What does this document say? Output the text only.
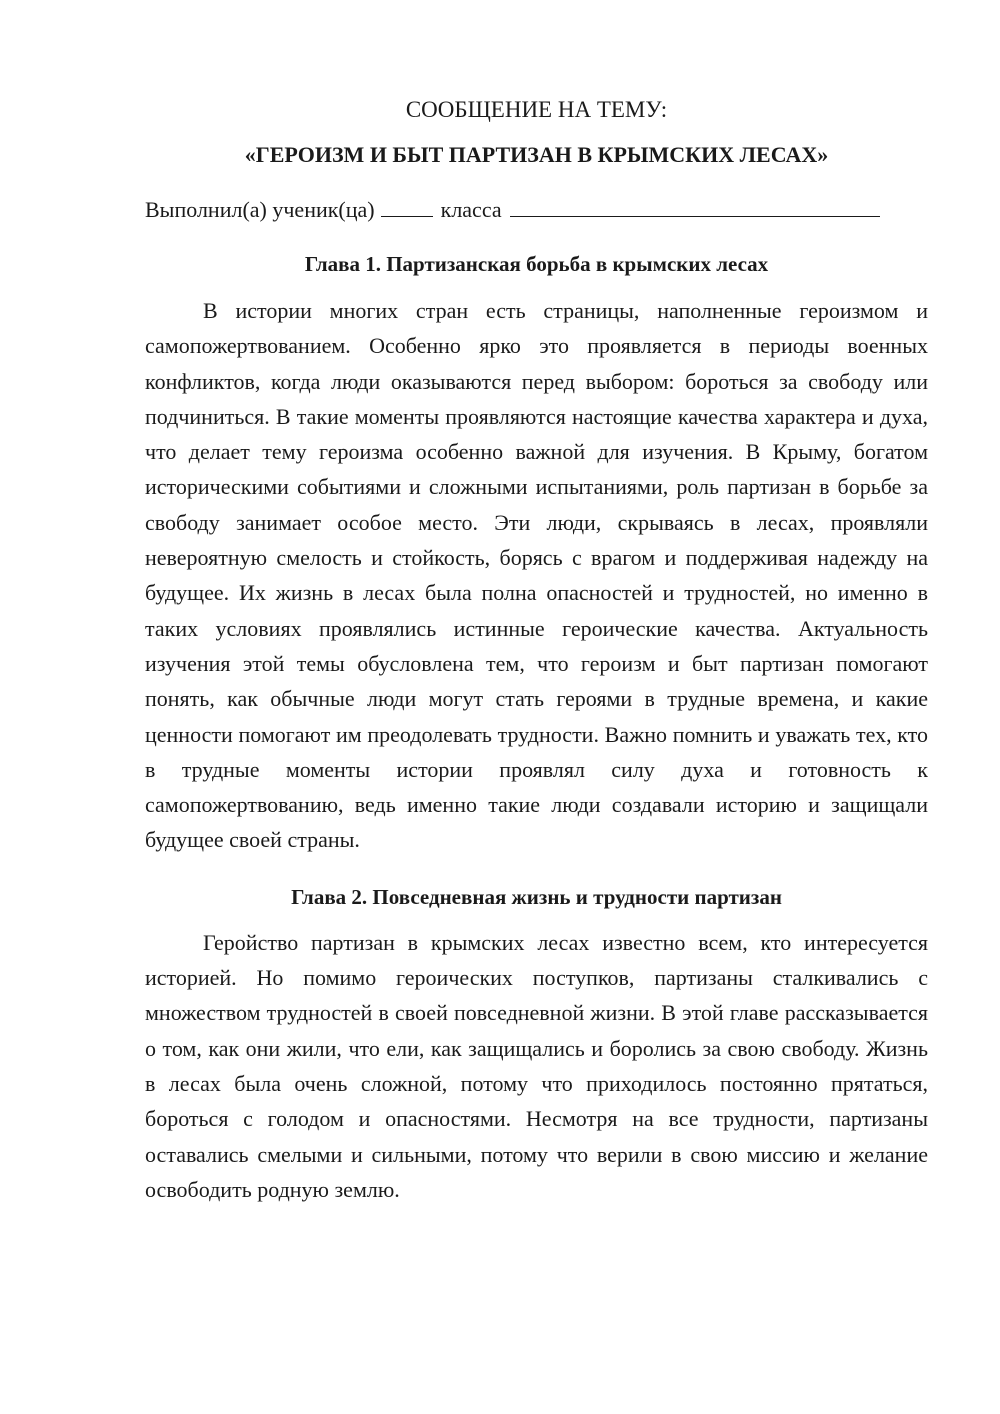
СООБЩЕНИЕ НА ТЕМУ:

«ГЕРОИЗМ И БЫТ ПАРТИЗАН В КРЫМСКИХ ЛЕСАХ»

Выполнил(а) ученик(ца)	класса

Глава 1. Партизанская борьба в крымских лесах

В истории многих стран есть страницы, наполненные героизмом и самопожертвованием. Особенно ярко это проявляется в периоды военных конфликтов, когда люди оказываются перед выбором: бороться за свободу или подчиниться. В такие моменты проявляются настоящие качества характера и духа, что делает тему героизма особенно важной для изучения. В Крыму, богатом историческими событиями и сложными испытаниями, роль партизан в борьбе за свободу занимает особое место. Эти люди, скрываясь в лесах, проявляли невероятную смелость и стойкость, борясь с врагом и поддерживая надежду на будущее. Их жизнь в лесах была полна опасностей и трудностей, но именно в таких условиях проявлялись истинные героические качества. Актуальность изучения этой темы обусловлена тем, что героизм и быт партизан помогают понять, как обычные люди могут стать героями в трудные времена, и какие ценности помогают им преодолевать трудности. Важно помнить и уважать тех, кто в трудные моменты истории проявлял силу духа и готовность к самопожертвованию, ведь именно такие люди создавали историю и защищали будущее своей страны.

Глава 2. Повседневная жизнь и трудности партизан

Геройство партизан в крымских лесах известно всем, кто интересуется историей. Но помимо героических поступков, партизаны сталкивались с множеством трудностей в своей повседневной жизни. В этой главе рассказывается о том, как они жили, что ели, как защищались и боролись за свою свободу. Жизнь в лесах была очень сложной, потому что приходилось постоянно прятаться, бороться с голодом и опасностями. Несмотря на все трудности, партизаны оставались смелыми и сильными, потому что верили в свою миссию и желание освободить родную землю.
